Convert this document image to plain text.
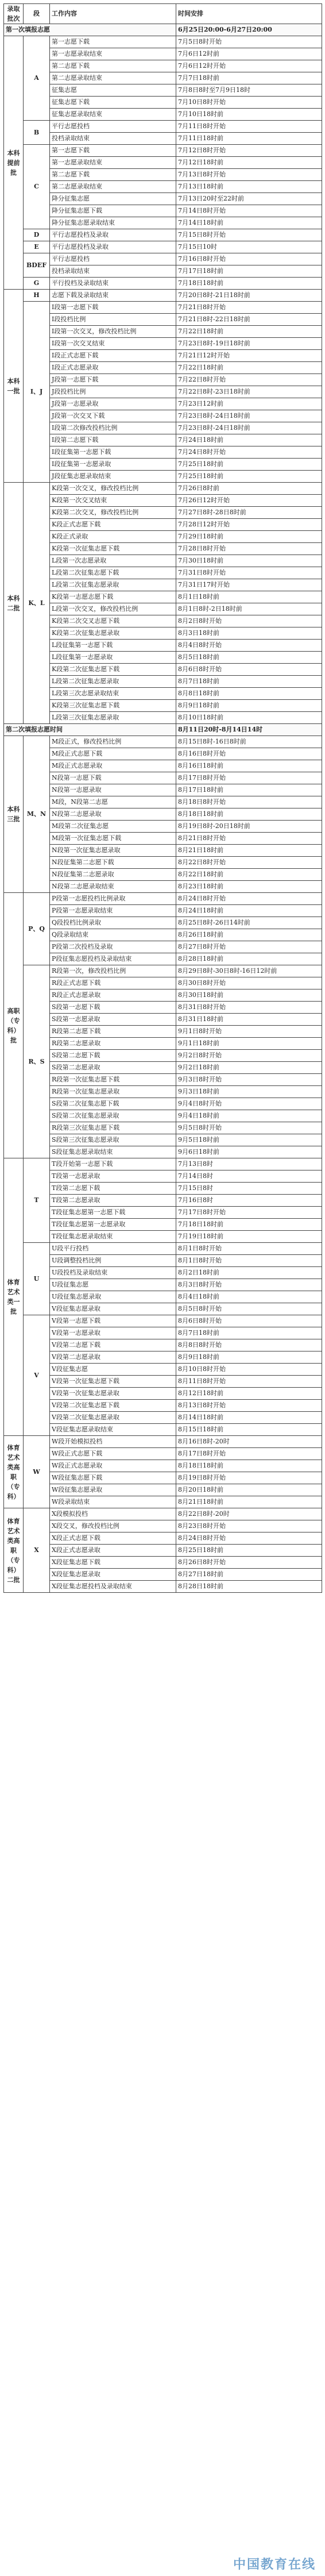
录取批次	段	工作内容	时间安排
第一次填报志愿			6月25日20:00-6月27日20:00
本科提前批	A	第一志愿下载	7月5日8时开始
		第一志愿录取结束	7月6日12时前
		第二志愿下载	7月6日12时开始
		第二志愿录取结束	7月7日18时前
		征集志愿	7月8日8时至7月9日18时
		征集志愿下载	7月10日8时开始
		征集志愿录取结束	7月10日18时前
	B	平行志愿投档	7月11日8时开始
		投档录取结束	7月11日18时前
	C	第一志愿下载	7月12日8时开始
		第一志愿录取结束	7月12日18时前
		第二志愿下载	7月13日8时开始
		第二志愿录取结束	7月13日18时前
		降分征集志愿	7月13日20时至22时前
		降分征集志愿下载	7月14日8时开始
		降分征集志愿录取结束	7月14日18时前
	D	平行志愿投档及录取	7月15日8时开始
	E	平行志愿投档及录取	7月15日10时
	BDEF	平行志愿投档	7月16日8时开始
		投档录取结束	7月17日18时前
	G	平行投档及录取结束	7月18日18时前
本科一批	H	志愿下载及录取结束	7月20日8时-21日18时前
	I、J	I段第一志愿下载	7月21日8时开始
		I段投档比例	7月21日8时-22日18时前
		I段第一次交叉，修改投档比例	7月22日18时前
		I段第一次交叉结束	7月23日8时-19日18时前
		I段正式志愿下载	7月21日12时开始
		I段正式志愿录取	7月22日18时前
		J段第一志愿下载	7月22日8时开始
		J段投档比例	7月22日8时-23日18时前
		J段第一志愿录取	7月23日12时前
		J段第一次交叉下载	7月23日8时-24日18时前
		I段第二次修改投档比例	7月23日8时-24日18时前
		I段第二志愿下载	7月24日18时前
		I段征集第一志愿下载	7月24日8时开始
		I段征集第一志愿录取	7月25日18时前
		J段征集志愿录取结束	7月25日18时前
本科二批	K、L	K段第一次交叉，修改投档比例	7月26日8时前
		K段第一次交叉结束	7月26日12时开始
		K段第二次交叉，修改投档比例	7月27日8时-28日8时前
		K段正式志愿下载	7月28日12时开始
		K段正式录取	7月29日18时前
		K段第一次征集志愿下载	7月28日8时开始
		L段第一次志愿录取	7月30日18时前
		L段第二次征集志愿下载	7月31日8时开始
		L段第二次征集志愿录取	7月31日17时开始
		K段第一志愿志愿下载	8月1日18时前
		L段第一次交叉，修改投档比例	8月1日8时-2日18时前
		K段第二次交叉志愿下载	8月2日8时开始
		K段第二次征集志愿录取	8月3日18时前
		L段征集第一志愿下载	8月4日8时开始
		L段征集第一志愿录取	8月5日18时前
		K段第二次征集志愿下载	8月6日8时开始
		L段第二次征集志愿录取	8月7日18时前
		L段第三次志愿录取结束	8月8日18时前
		K段第三次征集志愿下载	8月9日18时前
		L段第三次征集志愿录取	8月10日18时前
第二次填报志愿时间			8月11日20时-8月14日14时
本科三批	M、N	M段正式，修改投档比例	8月15日8时-16日8时前
		M段正式志愿下载	8月16日8时开始
		M段正式志愿录取	8月16日18时前
		N段第一志愿下载	8月17日8时开始
		N段第一志愿录取	8月17日18时前
		M段，N段第二志愿	8月18日8时开始
		N段第二志愿录取	8月18日18时前
		M段第二次征集志愿	8月19日8时-20日18时前
		M段第一次征集志愿下载	8月21日8时开始
		N段第一次征集志愿录取	8月21日18时前
		N段征集第二志愿下载	8月22日8时开始
		N段征集第二志愿录取	8月22日18时前
		N段第二志愿录取结束	8月23日18时前
高职（专科）批	P、Q	P段第一志愿投档比例录取	8月24日8时开始
		P段第一志愿录取结束	8月24日18时前
		Q段投档比例录取	8月25日8时-26日14时前
		Q段录取结束	8月26日18时前
		P段第二次投档及录取	8月27日8时开始
		P段征集志愿投档及录取结束	8月28日18时前
	R、S	R段第一次，修改投档比例	8月29日8时-30日8时-16日12时前
		R段正式志愿下载	8月30日8时开始
		R段正式志愿录取	8月30日18时前
		S段第一志愿下载	8月31日8时开始
		S段第一志愿录取	8月31日18时前
		R段第二志愿下载	9月1日8时开始
		R段第二志愿录取	9月1日18时前
		S段第二志愿下载	9月2日8时开始
		S段第二志愿录取	9月2日18时前
		R段第一次征集志愿下载	9月3日8时开始
		R段第一次征集志愿录取	9月3日18时前
		S段第二次征集志愿下载	9月4日8时开始
		S段第二次征集志愿录取	9月4日18时前
		R段第三次征集志愿下载	9月5日8时开始
		S段第三次征集志愿录取	9月5日18时前
		S段征集志愿录取结束	9月6日18时前
体育艺术类一批	T	T段开始第一志愿下载	7月13日8时
		T段第一志愿录取	7月14日8时
		T段第二志愿下载	7月15日8时
		T段第二志愿录取	7月16日8时
		T段征集志愿第一志愿下载	7月17日8时开始
		T段征集志愿第一志愿录取	7月18日18时前
		T段征集志愿录取结束	7月19日18时前
	U	U段平行投档	8月1日8时开始
		U段调整投档比例	8月1日8时开始
		U段投档及录取结束	8月2日18时前
		U段征集志愿	8月3日8时开始
		U段征集志愿录取	8月4日18时前
		V段征集志愿录取	8月5日8时开始
	V	V段第一志愿下载	8月6日8时开始
		V段第一志愿录取	8月7日18时前
		V段第二志愿下载	8月8日8时开始
		V段第二志愿录取	8月9日18时前
		V段征集志愿	8月10日8时开始
		V段第一次征集志愿下载	8月11日8时开始
		V段第一次征集志愿录取	8月12日18时前
		V段第二次征集志愿下载	8月13日8时开始
		V段第二次征集志愿录取	8月14日18时前
		V段征集志愿录取结束	8月15日18时前
体育艺术类高职（专科）	W	W段开始模拟投档	8月16日8时-20时
		W段正式志愿下载	8月17日8时开始
		W段正式志愿录取	8月18日18时前
		W段征集志愿下载	8月19日8时开始
		W段征集志愿录取	8月20日18时前
		W段录取结束	8月21日18时前
体育艺术类高职（专科）二批	X	X段模拟投档	8月22日8时-20时
		X段交叉，修改投档比例	8月23日8时开始
		X段正式志愿下载	8月24日8时开始
		X段正式志愿录取	8月25日18时前
		X段征集志愿下载	8月26日8时开始
		X段征集志愿录取	8月27日18时前
		X段征集志愿投档及录取结束	8月28日18时前
中国教育在线
